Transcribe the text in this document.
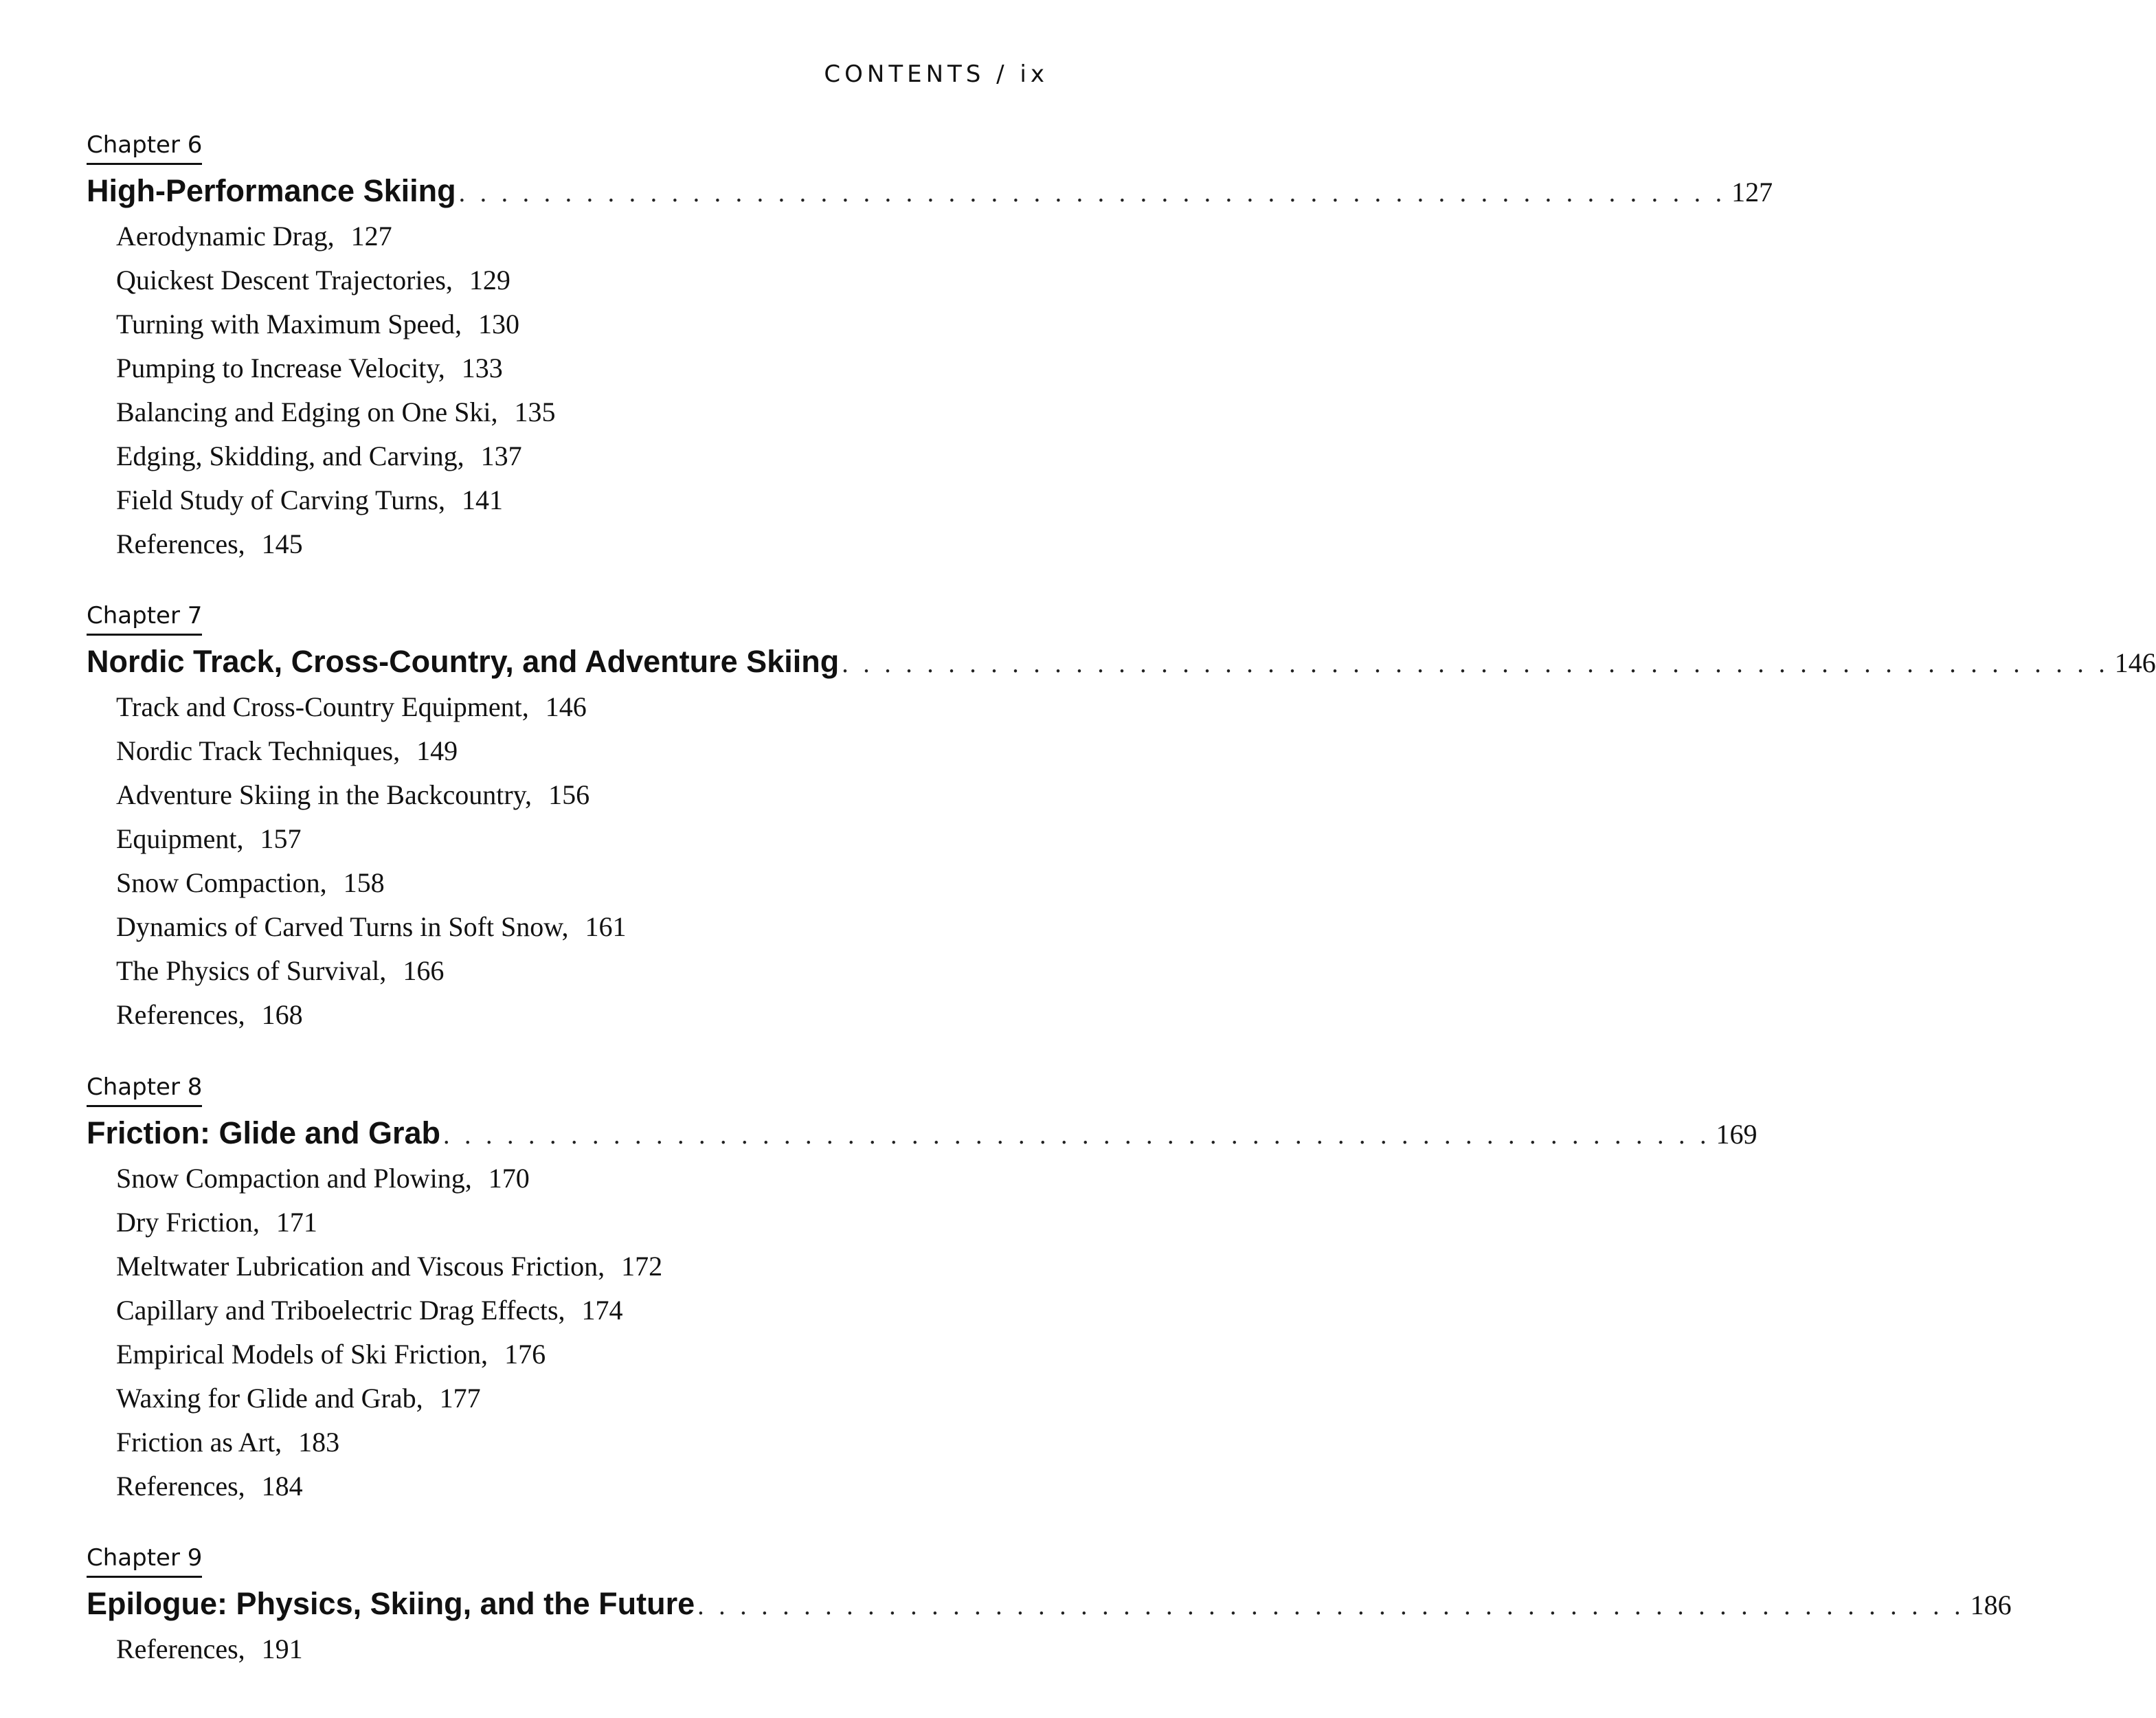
CONTENTS / ix
Chapter 6
High-Performance Skiing . . . . . . . . . . . . . . . . . . . . . . . . . . . . . . . . . . . . . . . . . . . . . . . . . . . . . . . . . . . . 127
Aerodynamic Drag, 127
Quickest Descent Trajectories, 129
Turning with Maximum Speed, 130
Pumping to Increase Velocity, 133
Balancing and Edging on One Ski, 135
Edging, Skidding, and Carving, 137
Field Study of Carving Turns, 141
References, 145
Chapter 7
Nordic Track, Cross-Country, and Adventure Skiing . . . . . . . . . . . . . . . . . . . . . . . . . . . . . . . . . . . . . . . . . . . . . . . . . . . . . . . . . . . . 146
Track and Cross-Country Equipment, 146
Nordic Track Techniques, 149
Adventure Skiing in the Backcountry, 156
Equipment, 157
Snow Compaction, 158
Dynamics of Carved Turns in Soft Snow, 161
The Physics of Survival, 166
References, 168
Chapter 8
Friction: Glide and Grab . . . . . . . . . . . . . . . . . . . . . . . . . . . . . . . . . . . . . . . . . . . . . . . . . . . . . . . . . . . . 169
Snow Compaction and Plowing, 170
Dry Friction, 171
Meltwater Lubrication and Viscous Friction, 172
Capillary and Triboelectric Drag Effects, 174
Empirical Models of Ski Friction, 176
Waxing for Glide and Grab, 177
Friction as Art, 183
References, 184
Chapter 9
Epilogue: Physics, Skiing, and the Future . . . . . . . . . . . . . . . . . . . . . . . . . . . . . . . . . . . . . . . . . . . . . . . . . . . . . . . . . . . . 186
References, 191
